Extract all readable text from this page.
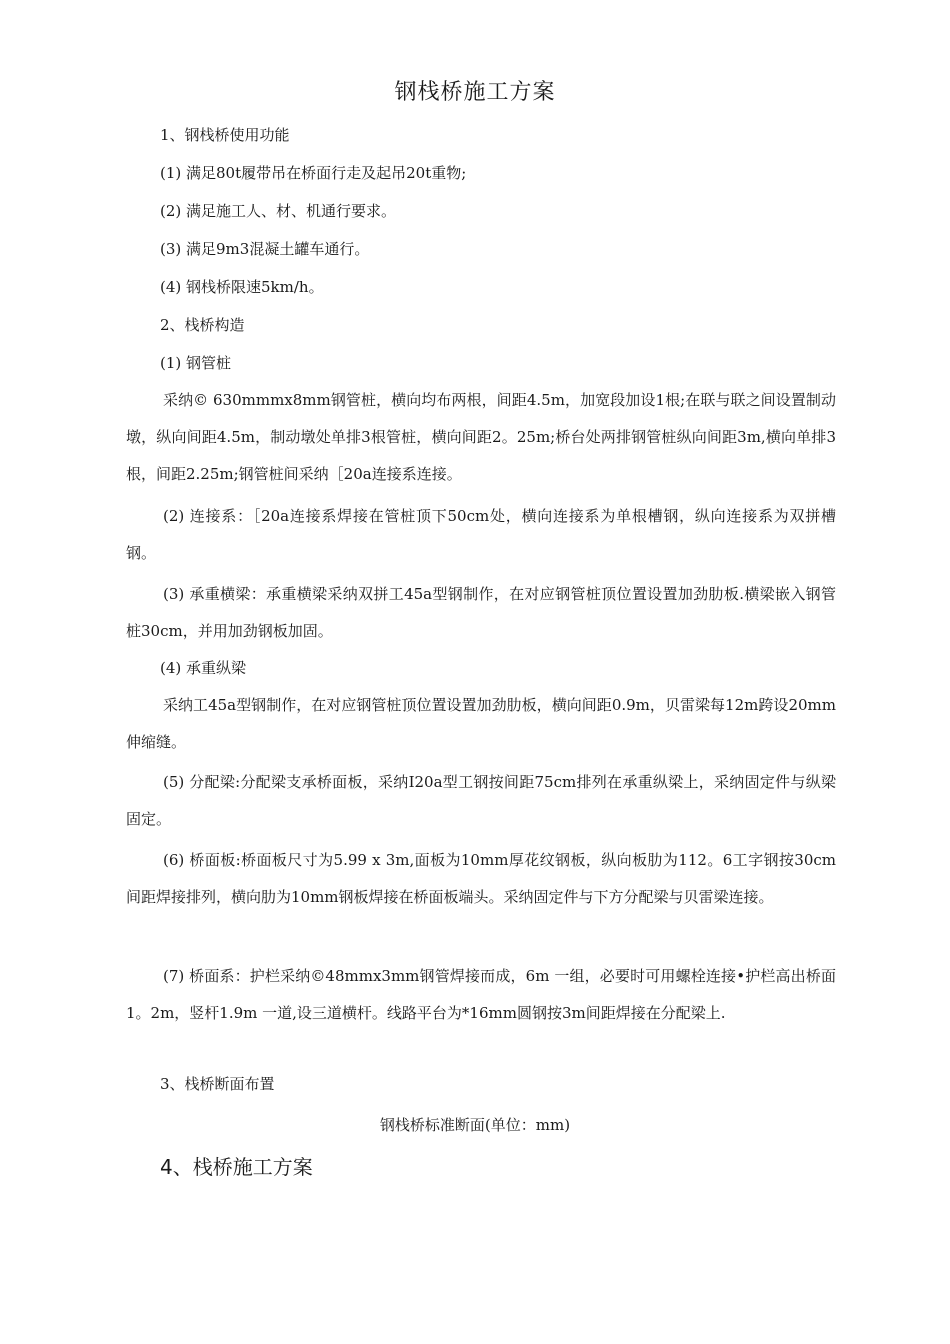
钢栈桥施工方案
1、钢栈桥使用功能
(1) 满足80t履带吊在桥面行走及起吊20t重物;
(2) 满足施工人、材、机通行要求。
(3) 满足9m3混凝土罐车通行。
(4) 钢栈桥限速5km/h。
2、栈桥构造
(1) 钢管桩
采纳© 630mmmx8mm钢管桩，横向均布两根，间距4.5m，加宽段加设1根;在联与联之间设置制动墩，纵向间距4.5m，制动墩处单排3根管桩，横向间距2。25m;桥台处两排钢管桩纵向间距3m,横向单排3根，间距2.25m;钢管桩间采纳［20a连接系连接。
(2) 连接系：［20a连接系焊接在管桩顶下50cm处，横向连接系为单根槽钢，纵向连接系为双拼槽钢。
(3) 承重横梁：承重横梁采纳双拼工45a型钢制作，在对应钢管桩顶位置设置加劲肋板.横梁嵌入钢管桩30cm，并用加劲钢板加固。
(4) 承重纵梁
采纳工45a型钢制作，在对应钢管桩顶位置设置加劲肋板，横向间距0.9m，贝雷梁每12m跨设20mm伸缩缝。
(5) 分配梁:分配梁支承桥面板，采纳I20a型工钢按间距75cm排列在承重纵梁上，采纳固定件与纵梁固定。
(6) 桥面板:桥面板尺寸为5.99 x 3m,面板为10mm厚花纹钢板，纵向板肋为112。6工字钢按30cm间距焊接排列，横向肋为10mm钢板焊接在桥面板端头。采纳固定件与下方分配梁与贝雷梁连接。
(7) 桥面系：护栏采纳©48mmx3mm钢管焊接而成，6m 一组，必要时可用螺栓连接•护栏高出桥面1。2m，竖杆1.9m 一道,设三道横杆。线路平台为*16mm圆钢按3m间距焊接在分配梁上.
3、栈桥断面布置
钢栈桥标准断面(单位：mm)
4、栈桥施工方案
